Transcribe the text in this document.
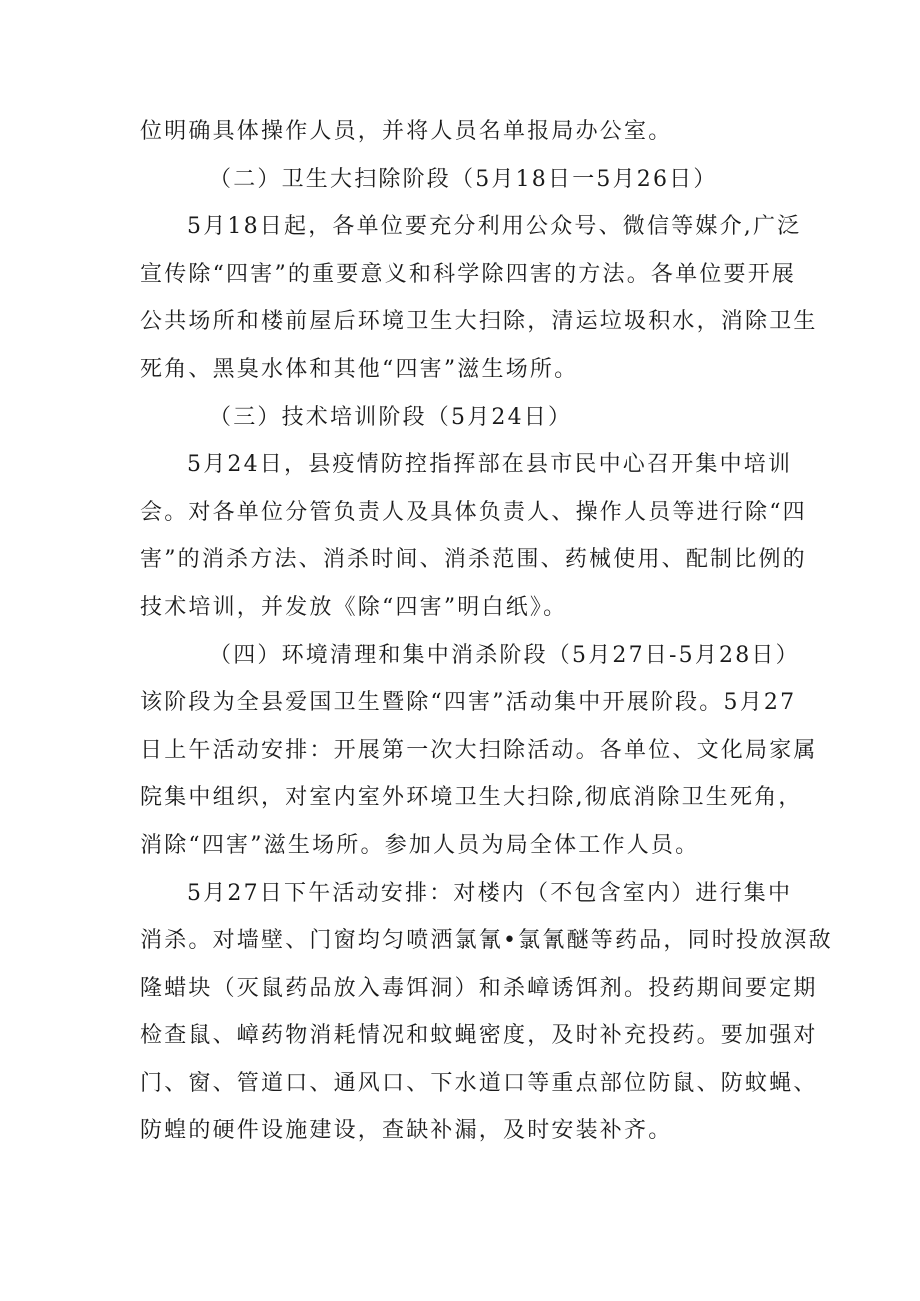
位明确具体操作人员，并将人员名单报局办公室。
（二）卫生大扫除阶段（5月18日一5月26日）
5月18日起，各单位要充分利用公众号、微信等媒介,广泛
宣传除“四害”的重要意义和科学除四害的方法。各单位要开展
公共场所和楼前屋后环境卫生大扫除，清运垃圾积水，消除卫生
死角、黑臭水体和其他“四害”滋生场所。
（三）技术培训阶段（5月24日）
5月24日，县疫情防控指挥部在县市民中心召开集中培训
会。对各单位分管负责人及具体负责人、操作人员等进行除“四
害”的消杀方法、消杀时间、消杀范围、药械使用、配制比例的
技术培训，并发放《除“四害”明白纸》。
（四）环境清理和集中消杀阶段（5月27日-5月28日）
该阶段为全县爱国卫生暨除“四害”活动集中开展阶段。5月27
日上午活动安排：开展第一次大扫除活动。各单位、文化局家属
院集中组织，对室内室外环境卫生大扫除,彻底消除卫生死角，
消除“四害”滋生场所。参加人员为局全体工作人员。
5月27日下午活动安排：对楼内（不包含室内）进行集中
消杀。对墙壁、门窗均匀喷洒氯氰•氯氰醚等药品，同时投放溟敌
隆蜡块（灭鼠药品放入毒饵洞）和杀嶂诱饵剂。投药期间要定期
检查鼠、嶂药物消耗情况和蚊蝇密度，及时补充投药。要加强对
门、窗、管道口、通风口、下水道口等重点部位防鼠、防蚊蝇、
防蝗的硬件设施建设，查缺补漏，及时安装补齐。
